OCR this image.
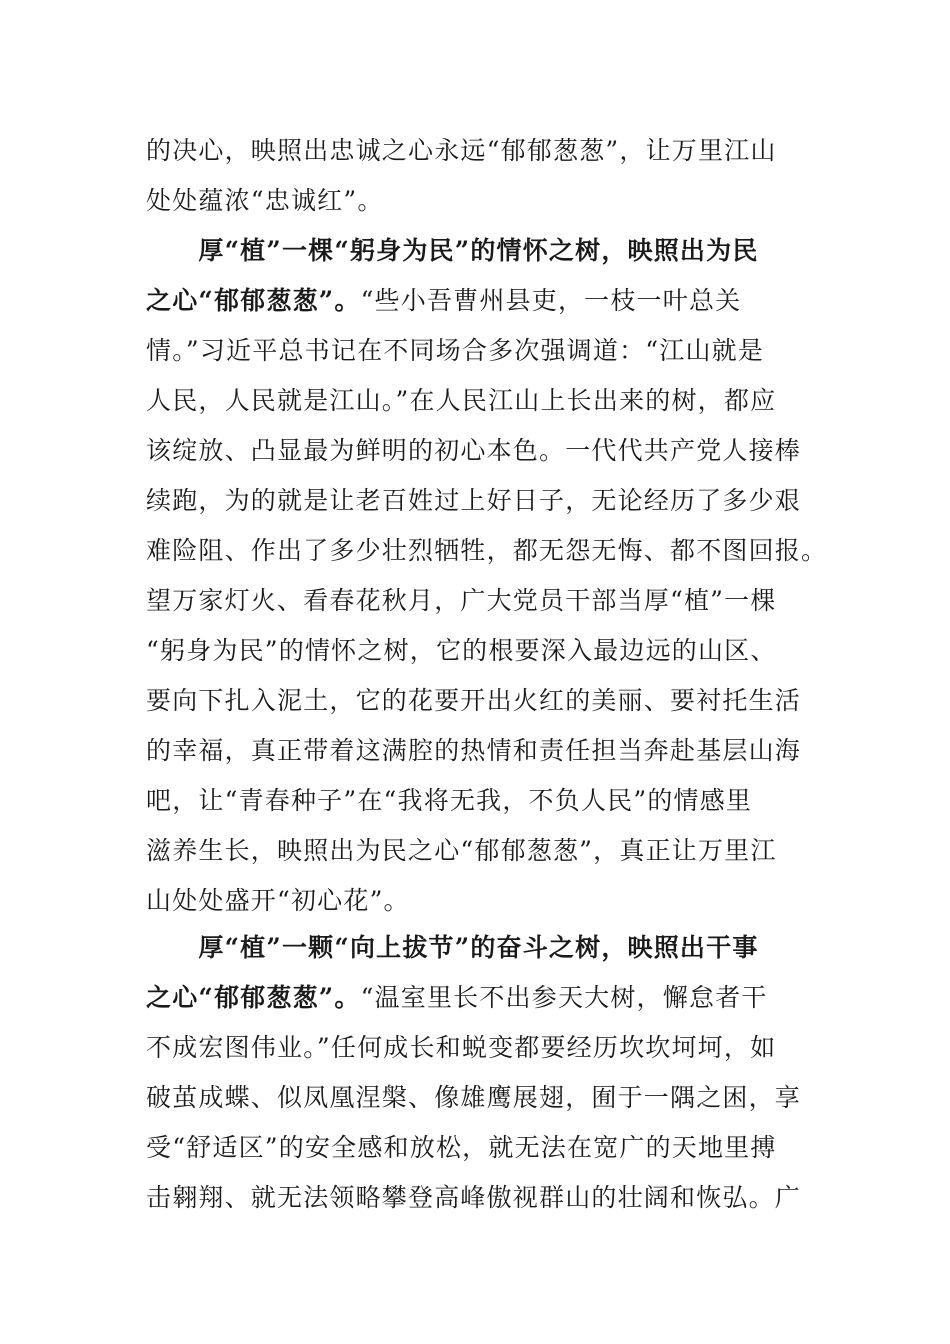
的决心，映照出忠诚之心永远“郁郁葱葱”，让万里江山
处处蕴浓“忠诚红”。
　　厚“植”一棵“躬身为民”的情怀之树，映照出为民
之心“郁郁葱葱”。“些小吾曹州县吏，一枝一叶总关
情。”习近平总书记在不同场合多次强调道：“江山就是
人民，人民就是江山。”在人民江山上长出来的树，都应
该绽放、凸显最为鲜明的初心本色。一代代共产党人接棒
续跑，为的就是让老百姓过上好日子，无论经历了多少艰
难险阻、作出了多少壮烈牺牲，都无怨无悔、都不图回报。
望万家灯火、看春花秋月，广大党员干部当厚“植”一棵
“躬身为民”的情怀之树，它的根要深入最边远的山区、
要向下扎入泥土，它的花要开出火红的美丽、要衬托生活
的幸福，真正带着这满腔的热情和责任担当奔赴基层山海
吧，让“青春种子”在“我将无我，不负人民”的情感里
滋养生长，映照出为民之心“郁郁葱葱”，真正让万里江
山处处盛开“初心花”。
　　厚“植”一颗“向上拔节”的奋斗之树，映照出干事
之心“郁郁葱葱”。“温室里长不出参天大树，懈怠者干
不成宏图伟业。”任何成长和蜕变都要经历坎坎坷坷，如
破茧成蝶、似凤凰涅槃、像雄鹰展翅，囿于一隅之困，享
受“舒适区”的安全感和放松，就无法在宽广的天地里搏
击翱翔、就无法领略攀登高峰傲视群山的壮阔和恢弘。广
